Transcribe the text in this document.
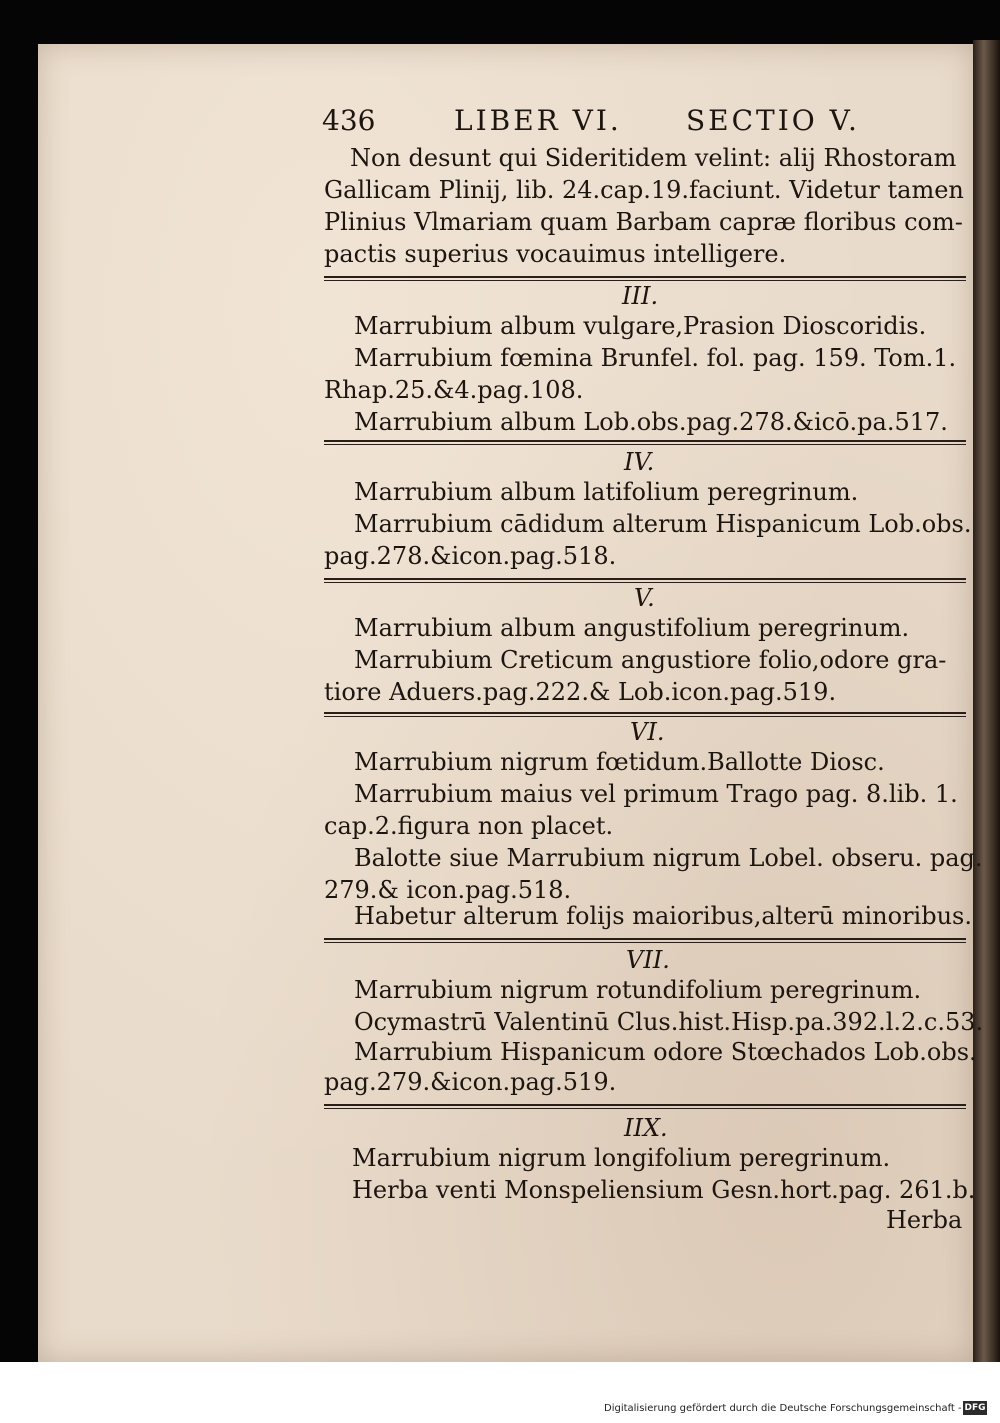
436	LIBER VI. SECTIO V.
Non desunt qui Sideritidem velint: alij Rhostoram
Gallicam Plinij, lib. 24.cap.19.faciunt. Videtur tamen
Plinius Vlmariam quam Barbam capræ floribus com-
pactis superius vocauimus intelligere.
III.
Marrubium album vulgare,Prasion Dioscoridis.
Marrubium fœmina Brunfel. fol. pag. 159. Tom.1.
Rhap.25.&4.pag.108.
Marrubium album Lob.obs.pag.278.&icō.pa.517.
IV.
Marrubium album latifolium peregrinum.
Marrubium cādidum alterum Hispanicum Lob.obs.
pag.278.&icon.pag.518.
V.
Marrubium album angustifolium peregrinum.
Marrubium Creticum angustiore folio,odore gra-
tiore Aduers.pag.222.& Lob.icon.pag.519.
VI.
Marrubium nigrum fœtidum.Ballotte Diosc.
Marrubium maius vel primum Trago pag. 8.lib. 1.
cap.2.figura non placet.
Balotte siue Marrubium nigrum Lobel. obseru. pag.
279.& icon.pag.518.
Habetur alterum folijs maioribus,alterū minoribus.
VII.
Marrubium nigrum rotundifolium peregrinum.
Ocymastrū Valentinū Clus.hist.Hisp.pa.392.l.2.c.53.
Marrubium Hispanicum odore Stœchados Lob.obs.
pag.279.&icon.pag.519.
IIX.
Marrubium nigrum longifolium peregrinum.
Herba venti Monspeliensium Gesn.hort.pag. 261.b.
Herba
Digitalisierung gefördert durch die Deutsche Forschungsgemeinschaft - DFG
